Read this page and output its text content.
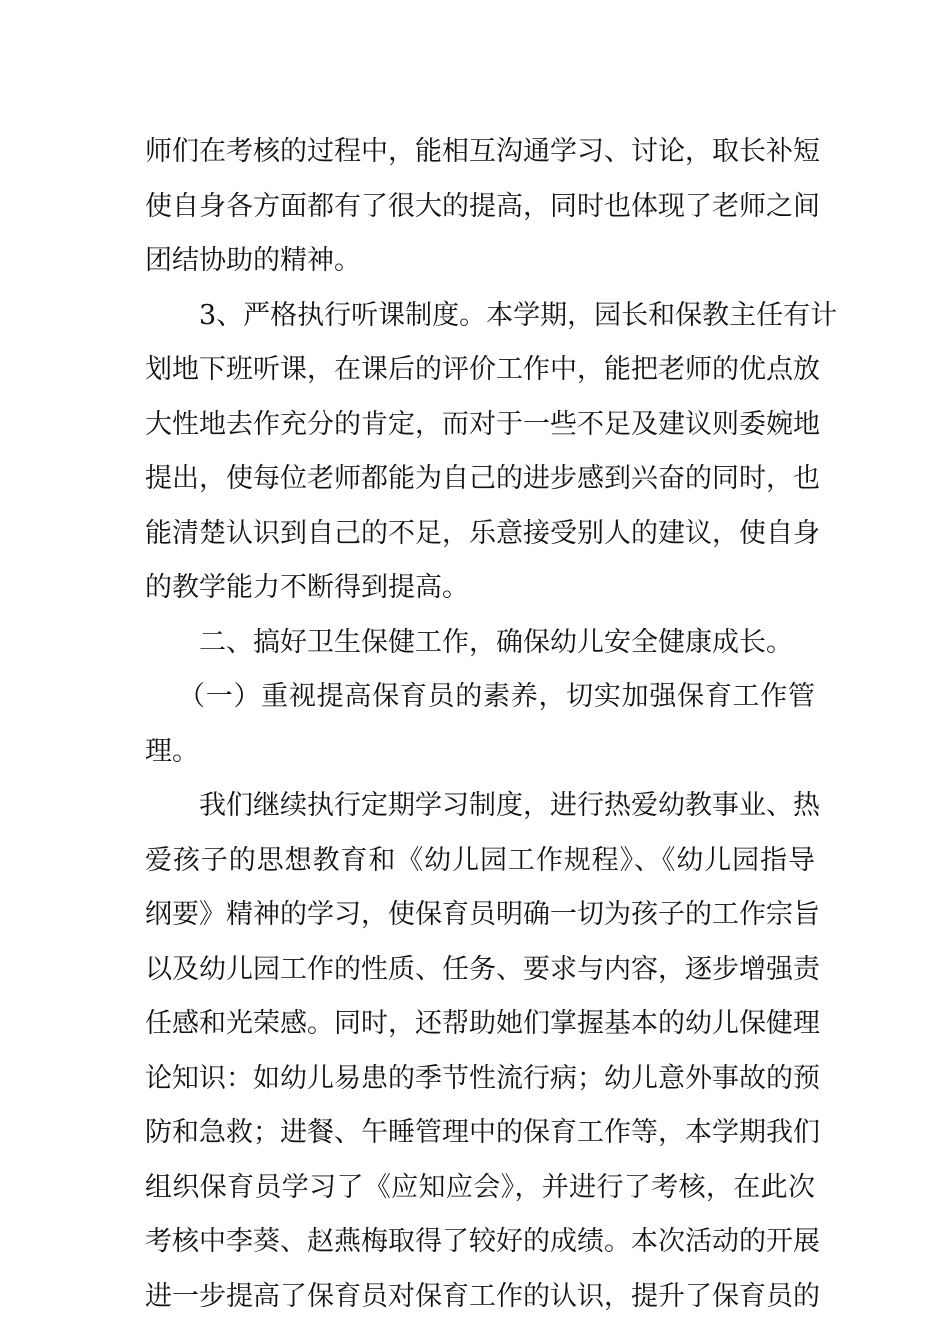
师们在考核的过程中，能相互沟通学习、讨论，取长补短
使自身各方面都有了很大的提高，同时也体现了老师之间
团结协助的精神。
3、严格执行听课制度。本学期，园长和保教主任有计
划地下班听课，在课后的评价工作中，能把老师的优点放
大性地去作充分的肯定，而对于一些不足及建议则委婉地
提出，使每位老师都能为自己的进步感到兴奋的同时，也
能清楚认识到自己的不足，乐意接受别人的建议，使自身
的教学能力不断得到提高。
二、搞好卫生保健工作，确保幼儿安全健康成长。
（一）重视提高保育员的素养，切实加强保育工作管
理。
我们继续执行定期学习制度，进行热爱幼教事业、热
爱孩子的思想教育和《幼儿园工作规程》、《幼儿园指导
纲要》精神的学习，使保育员明确一切为孩子的工作宗旨
以及幼儿园工作的性质、任务、要求与内容，逐步增强责
任感和光荣感。同时，还帮助她们掌握基本的幼儿保健理
论知识：如幼儿易患的季节性流行病；幼儿意外事故的预
防和急救；进餐、午睡管理中的保育工作等，本学期我们
组织保育员学习了《应知应会》，并进行了考核，在此次
考核中李葵、赵燕梅取得了较好的成绩。本次活动的开展
进一步提高了保育员对保育工作的认识，提升了保育员的
